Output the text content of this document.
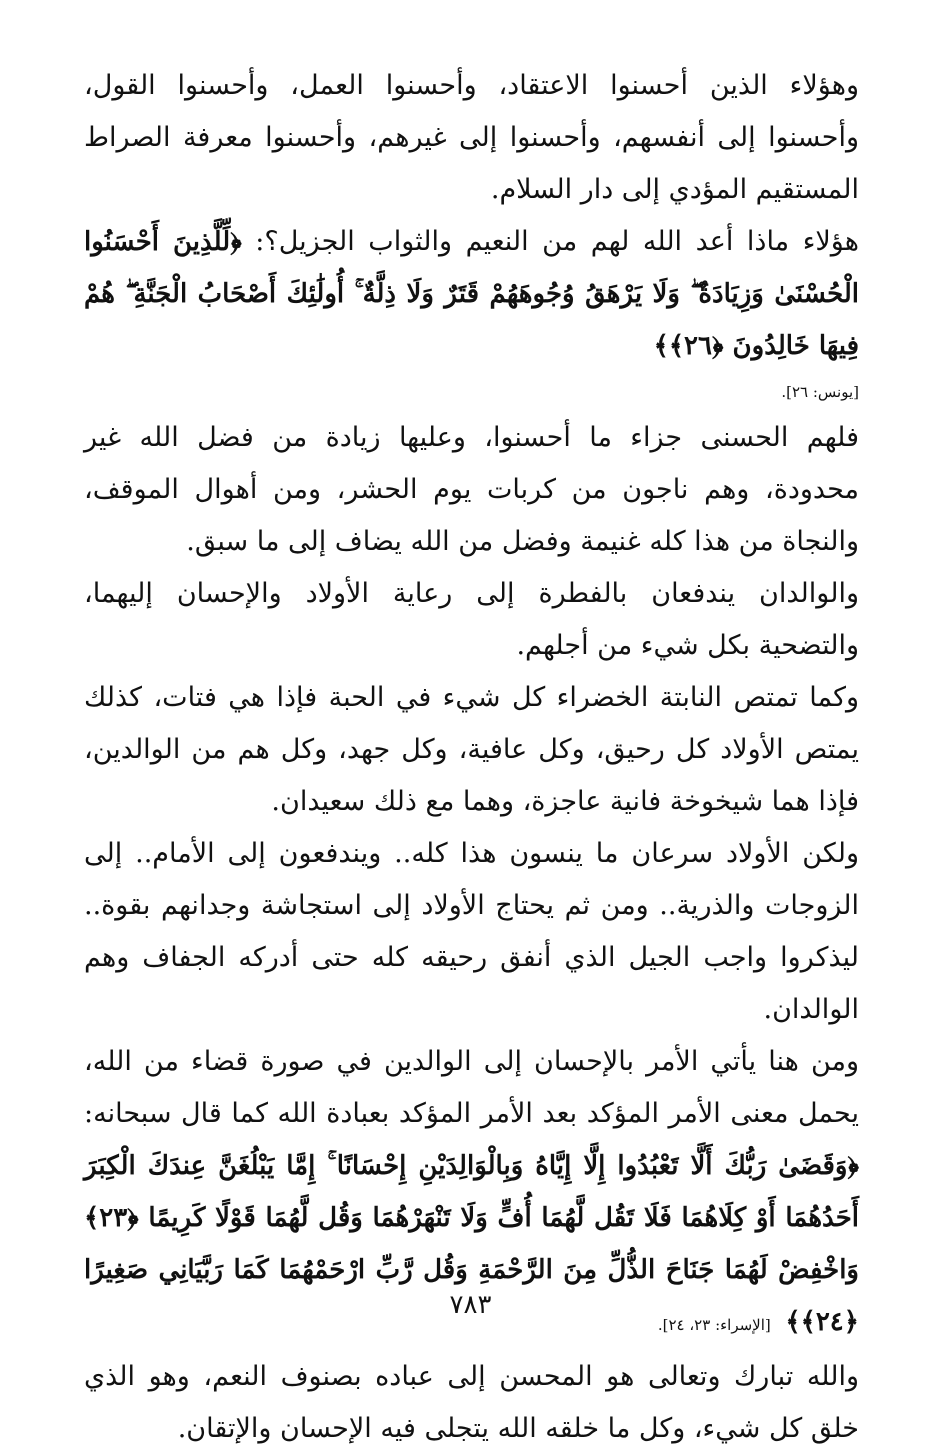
وهؤلاء الذين أحسنوا الاعتقاد، وأحسنوا العمل، وأحسنوا القول، وأحسنوا إلى أنفسهم، وأحسنوا إلى غيرهم، وأحسنوا معرفة الصراط المستقيم المؤدي إلى دار السلام.

هؤلاء ماذا أعد الله لهم من النعيم والثواب الجزيل؟: ﴿لِّلَّذِينَ أَحْسَنُوا الْحُسْنَىٰ وَزِيَادَةٌ ۖ وَلَا يَرْهَقُ وُجُوهَهُمْ قَتَرٌ وَلَا ذِلَّةٌ ۚ أُولَٰئِكَ أَصْحَابُ الْجَنَّةِ ۖ هُمْ فِيهَا خَالِدُونَ ﴿٢٦﴾﴾

[يونس: ٢٦].

فلهم الحسنى جزاء ما أحسنوا، وعليها زيادة من فضل الله غير محدودة، وهم ناجون من كربات يوم الحشر، ومن أهوال الموقف، والنجاة من هذا كله غنيمة وفضل من الله يضاف إلى ما سبق.

والوالدان يندفعان بالفطرة إلى رعاية الأولاد والإحسان إليهما، والتضحية بكل شيء من أجلهم.

وكما تمتص النابتة الخضراء كل شيء في الحبة فإذا هي فتات، كذلك يمتص الأولاد كل رحيق، وكل عافية، وكل جهد، وكل هم من الوالدين، فإذا هما شيخوخة فانية عاجزة، وهما مع ذلك سعيدان.

ولكن الأولاد سرعان ما ينسون هذا كله.. ويندفعون إلى الأمام.. إلى الزوجات والذرية.. ومن ثم يحتاج الأولاد إلى استجاشة وجدانهم بقوة.. ليذكروا واجب الجيل الذي أنفق رحيقه كله حتى أدركه الجفاف وهم الوالدان.

ومن هنا يأتي الأمر بالإحسان إلى الوالدين في صورة قضاء من الله، يحمل معنى الأمر المؤكد بعد الأمر المؤكد بعبادة الله كما قال سبحانه: ﴿وَقَضَىٰ رَبُّكَ أَلَّا تَعْبُدُوا إِلَّا إِيَّاهُ وَبِالْوَالِدَيْنِ إِحْسَانًا ۚ إِمَّا يَبْلُغَنَّ عِندَكَ الْكِبَرَ أَحَدُهُمَا أَوْ كِلَاهُمَا فَلَا تَقُل لَّهُمَا أُفٍّ وَلَا تَنْهَرْهُمَا وَقُل لَّهُمَا قَوْلًا كَرِيمًا ﴿٢٣﴾ وَاخْفِضْ لَهُمَا جَنَاحَ الذُّلِّ مِنَ الرَّحْمَةِ وَقُل رَّبِّ ارْحَمْهُمَا كَمَا رَبَّيَانِي صَغِيرًا ﴿٢٤﴾﴾ [الإسراء: ٢٣، ٢٤].

والله تبارك وتعالى هو المحسن إلى عباده بصنوف النعم، وهو الذي خلق كل شيء، وكل ما خلقه الله يتجلى فيه الإحسان والإتقان.

٧٨٣
